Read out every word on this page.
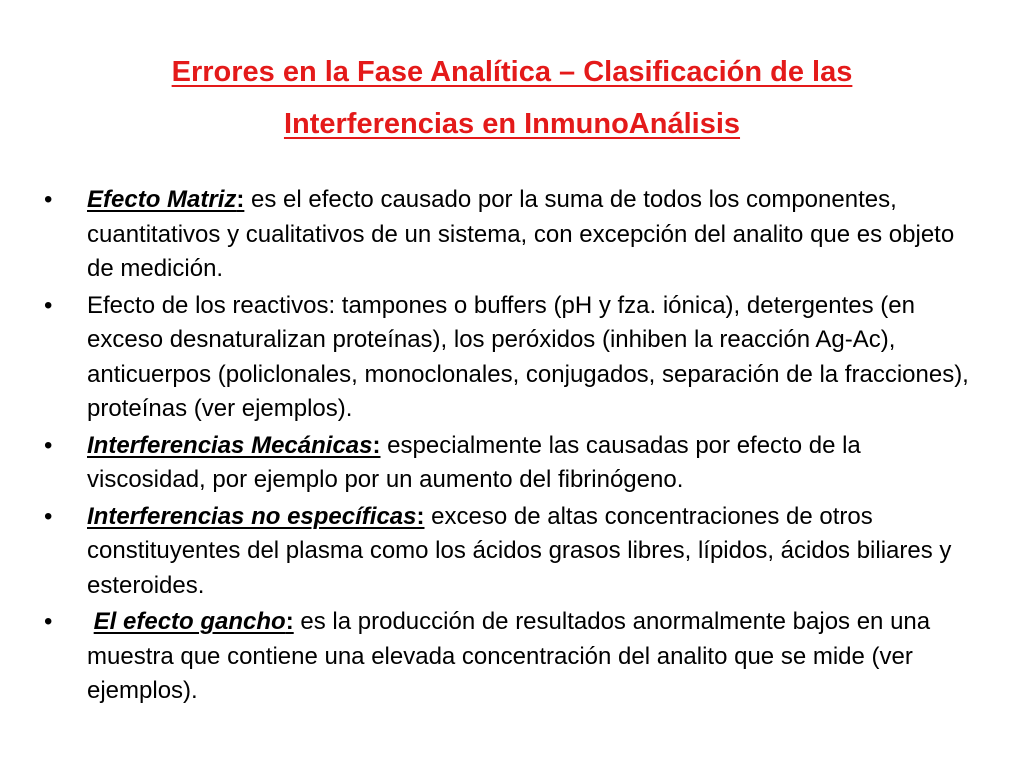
Errores en la Fase Analítica – Clasificación de las
Interferencias en InmunoAnálisis
•	Efecto Matriz: es el efecto causado por la suma de todos los componentes, cuantitativos y cualitativos de un sistema, con excepción del analito que es objeto de medición.
•	Efecto de los reactivos: tampones o buffers (pH y fza. iónica), detergentes (en exceso desnaturalizan proteínas), los peróxidos (inhiben la reacción Ag-Ac), anticuerpos (policlonales, monoclonales, conjugados, separación de la fracciones), proteínas (ver ejemplos).
•	Interferencias Mecánicas: especialmente las causadas por efecto de la viscosidad, por ejemplo por un aumento del fibrinógeno.
•	Interferencias no específicas: exceso de altas concentraciones de otros constituyentes del plasma como los ácidos grasos libres, lípidos, ácidos biliares y esteroides.
•	El efecto gancho: es la producción de resultados anormalmente bajos en una muestra que contiene una elevada concentración del analito que se mide (ver ejemplos).
